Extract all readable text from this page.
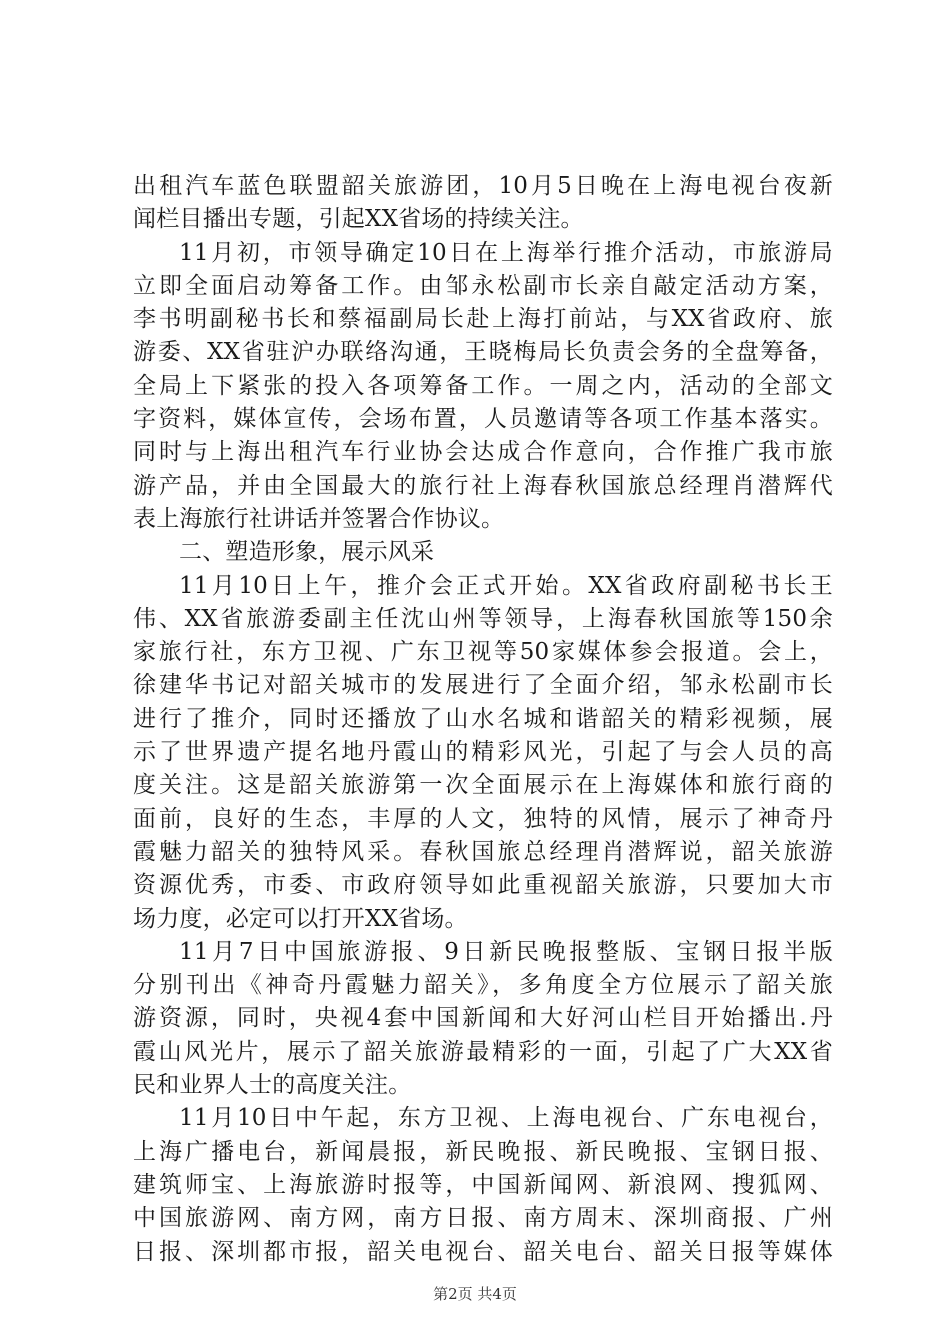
出租汽车蓝色联盟韶关旅游团，10月5日晚在上海电视台夜新
闻栏目播出专题，引起XX省场的持续关注。
11月初，市领导确定10日在上海举行推介活动，市旅游局
立即全面启动筹备工作。由邹永松副市长亲自敲定活动方案，
李书明副秘书长和蔡福副局长赴上海打前站，与XX省政府、旅
游委、XX省驻沪办联络沟通，王晓梅局长负责会务的全盘筹备，
全局上下紧张的投入各项筹备工作。一周之内，活动的全部文
字资料，媒体宣传，会场布置，人员邀请等各项工作基本落实。
同时与上海出租汽车行业协会达成合作意向，合作推广我市旅
游产品，并由全国最大的旅行社上海春秋国旅总经理肖潜辉代
表上海旅行社讲话并签署合作协议。
二、塑造形象，展示风采
11月10日上午，推介会正式开始。XX省政府副秘书长王
伟、XX省旅游委副主任沈山州等领导，上海春秋国旅等150余
家旅行社，东方卫视、广东卫视等50家媒体参会报道。会上，
徐建华书记对韶关城市的发展进行了全面介绍，邹永松副市长
进行了推介，同时还播放了山水名城和谐韶关的精彩视频，展
示了世界遗产提名地丹霞山的精彩风光，引起了与会人员的高
度关注。这是韶关旅游第一次全面展示在上海媒体和旅行商的
面前，良好的生态，丰厚的人文，独特的风情，展示了神奇丹
霞魅力韶关的独特风采。春秋国旅总经理肖潜辉说，韶关旅游
资源优秀，市委、市政府领导如此重视韶关旅游，只要加大市
场力度，必定可以打开XX省场。
11月7日中国旅游报、9日新民晚报整版、宝钢日报半版
分别刊出《神奇丹霞魅力韶关》，多角度全方位展示了韶关旅
游资源，同时，央视4套中国新闻和大好河山栏目开始播出.丹
霞山风光片，展示了韶关旅游最精彩的一面，引起了广大XX省
民和业界人士的高度关注。
11月10日中午起，东方卫视、上海电视台、广东电视台，
上海广播电台，新闻晨报，新民晚报、新民晚报、宝钢日报、
建筑师宝、上海旅游时报等，中国新闻网、新浪网、搜狐网、
中国旅游网、南方网，南方日报、南方周末、深圳商报、广州
日报、深圳都市报，韶关电视台、韶关电台、韶关日报等媒体
第2页 共4页
